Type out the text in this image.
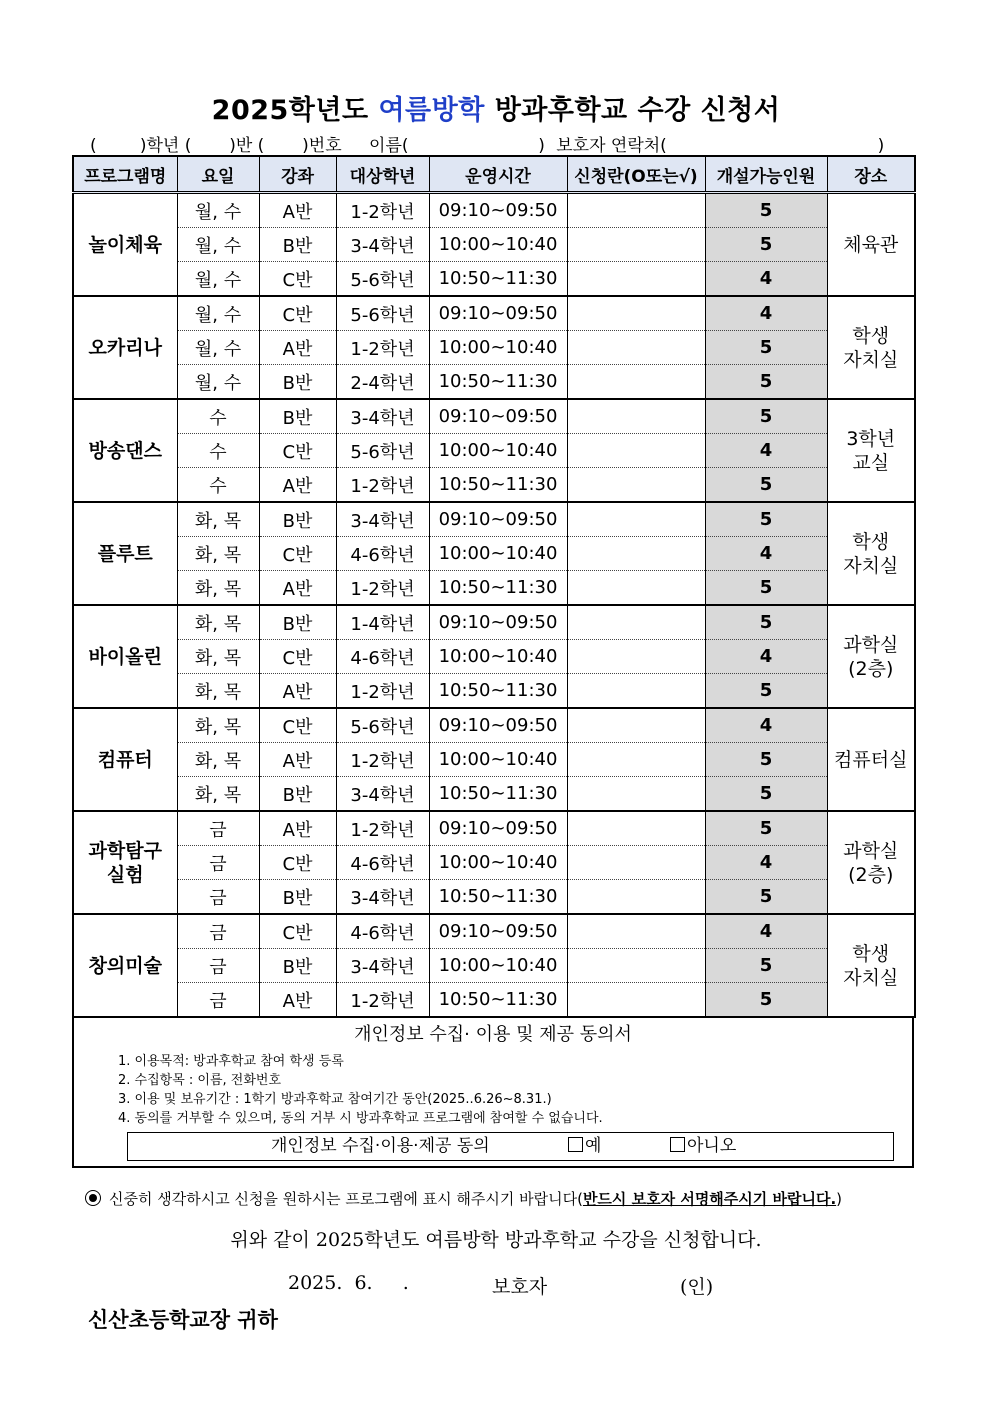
2025학년도 여름방학 방과후학교 수강 신청서
(        )학년 (       )반 (       )번호 이름(                        ) 보호자 연락처(                                       )
프로그램명	요일	강좌	대상학년	운영시간	신청란(O또는√)	개설가능인원	장소
놀이체육	월, 수	A반	1-2학년	09:10~09:50		5	체육관
	월, 수	B반	3-4학년	10:00~10:40		5	
	월, 수	C반	5-6학년	10:50~11:30		4	
오카리나	월, 수	C반	5-6학년	09:10~09:50		4	학생
자치실
	월, 수	A반	1-2학년	10:00~10:40		5	
	월, 수	B반	2-4학년	10:50~11:30		5	
방송댄스	수	B반	3-4학년	09:10~09:50		5	3학년
교실
	수	C반	5-6학년	10:00~10:40		4	
	수	A반	1-2학년	10:50~11:30		5	
플루트	화, 목	B반	3-4학년	09:10~09:50		5	학생
자치실
	화, 목	C반	4-6학년	10:00~10:40		4	
	화, 목	A반	1-2학년	10:50~11:30		5	
바이올린	화, 목	B반	1-4학년	09:10~09:50		5	과학실
(2층)
	화, 목	C반	4-6학년	10:00~10:40		4	
	화, 목	A반	1-2학년	10:50~11:30		5	
컴퓨터	화, 목	C반	5-6학년	09:10~09:50		4	컴퓨터실
	화, 목	A반	1-2학년	10:00~10:40		5	
	화, 목	B반	3-4학년	10:50~11:30		5	
과학탐구
실험	금	A반	1-2학년	09:10~09:50		5	과학실
(2층)
	금	C반	4-6학년	10:00~10:40		4	
	금	B반	3-4학년	10:50~11:30		5	
창의미술	금	C반	4-6학년	09:10~09:50		4	학생
자치실
	금	B반	3-4학년	10:00~10:40		5	
	금	A반	1-2학년	10:50~11:30		5	
개인정보 수집· 이용 및 제공 동의서
1. 이용목적: 방과후학교 참여 학생 등록
2. 수집항목 : 이름, 전화번호
3. 이용 및 보유기간 : 1학기 방과후학교 참여기간 동안(2025..6.26~8.31.)
4. 동의를 거부할 수 있으며, 동의 거부 시 방과후학교 프로그램에 참여할 수 없습니다.
개인정보 수집·이용·제공 동의	예	아니오
신중히 생각하시고 신청을 원하시는 프로그램에 표시 해주시기 바랍니다(반드시 보호자 서명해주시기 바랍니다.)
위와 같이 2025학년도 여름방학 방과후학교 수강을 신청합니다.
2025.  6.     .	보호자	(인)
신산초등학교장 귀하
